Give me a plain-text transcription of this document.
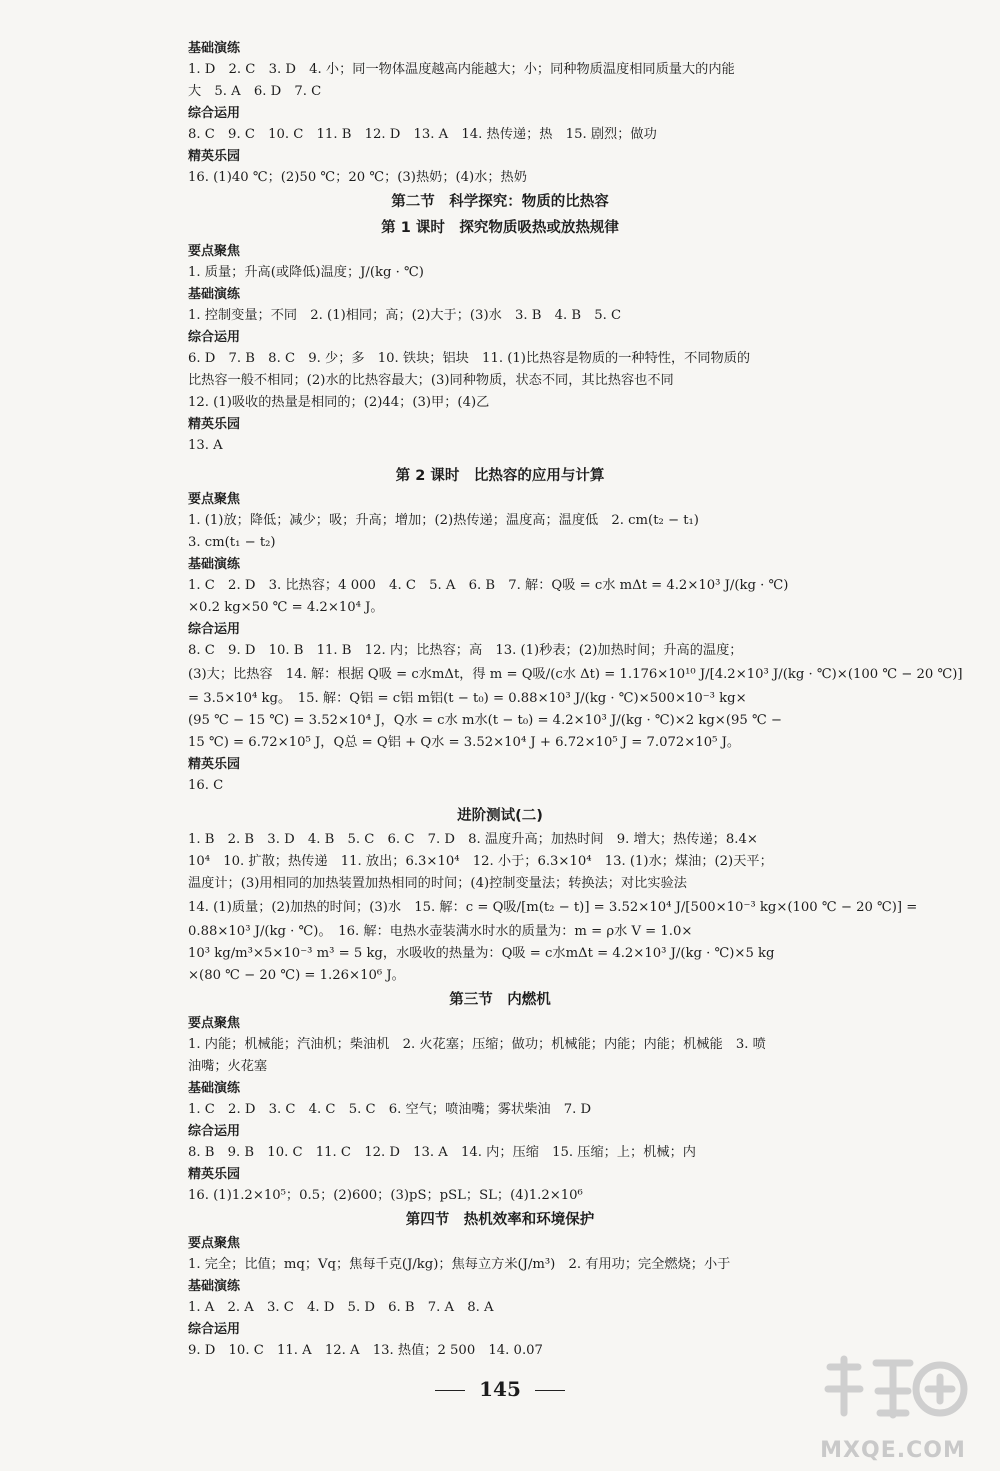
基础演练
1. D　2. C　3. D　4. 小；同一物体温度越高内能越大；小；同种物质温度相同质量大的内能
大　5. A　6. D　7. C
综合运用
8. C　9. C　10. C　11. B　12. D　13. A　14. 热传递；热　15. 剧烈；做功
精英乐园
16. (1)40 ℃；(2)50 ℃；20 ℃；(3)热奶；(4)水；热奶
第二节　科学探究：物质的比热容
第 1 课时　探究物质吸热或放热规律
要点聚焦
1. 质量；升高(或降低)温度；J/(kg · ℃)
基础演练
1. 控制变量；不同　2. (1)相同；高；(2)大于；(3)水　3. B　4. B　5. C
综合运用
6. D　7. B　8. C　9. 少；多　10. 铁块；铝块　11. (1)比热容是物质的一种特性，不同物质的
比热容一般不相同；(2)水的比热容最大；(3)同种物质，状态不同，其比热容也不同
12. (1)吸收的热量是相同的；(2)44；(3)甲；(4)乙
精英乐园
13. A
第 2 课时　比热容的应用与计算
要点聚焦
1. (1)放；降低；减少；吸；升高；增加；(2)热传递；温度高；温度低　2. cm(t₂ − t₁)
3. cm(t₁ − t₂)
基础演练
1. C　2. D　3. 比热容；4 000　4. C　5. A　6. B　7. 解：Q吸 = c水 mΔt = 4.2×10³ J/(kg · ℃)
×0.2 kg×50 ℃ = 4.2×10⁴ J。
综合运用
8. C　9. D　10. B　11. B　12. 内；比热容；高　13. (1)秒表；(2)加热时间；升高的温度；
(3)大；比热容　14. 解：根据 Q吸 = c水mΔt，得 m = Q吸/(c水 Δt) = 1.176×10¹⁰ J/[4.2×10³ J/(kg · ℃)×(100 ℃ − 20 ℃)]
= 3.5×10⁴ kg。　15. 解：Q铝 = c铝 m铝(t − t₀) = 0.88×10³ J/(kg · ℃)×500×10⁻³ kg×
(95 ℃ − 15 ℃) = 3.52×10⁴ J，Q水 = c水 m水(t − t₀) = 4.2×10³ J/(kg · ℃)×2 kg×(95 ℃ −
15 ℃) = 6.72×10⁵ J，Q总 = Q铝 + Q水 = 3.52×10⁴ J + 6.72×10⁵ J = 7.072×10⁵ J。
精英乐园
16. C
进阶测试(二)
1. B　2. B　3. D　4. B　5. C　6. C　7. D　8. 温度升高；加热时间　9. 增大；热传递；8.4×
10⁴　10. 扩散；热传递　11. 放出；6.3×10⁴　12. 小于；6.3×10⁴　13. (1)水；煤油；(2)天平；
温度计；(3)用相同的加热装置加热相同的时间；(4)控制变量法；转换法；对比实验法
14. (1)质量；(2)加热的时间；(3)水　15. 解：c = Q吸/[m(t₂ − t)] = 3.52×10⁴ J/[500×10⁻³ kg×(100 ℃ − 20 ℃)] =
0.88×10³ J/(kg · ℃)。　16. 解：电热水壶装满水时水的质量为：m = ρ水 V = 1.0×
10³ kg/m³×5×10⁻³ m³ = 5 kg，水吸收的热量为：Q吸 = c水mΔt = 4.2×10³ J/(kg · ℃)×5 kg
×(80 ℃ − 20 ℃) = 1.26×10⁶ J。
第三节　内燃机
要点聚焦
1. 内能；机械能；汽油机；柴油机　2. 火花塞；压缩；做功；机械能；内能；内能；机械能　3. 喷
油嘴；火花塞
基础演练
1. C　2. D　3. C　4. C　5. C　6. 空气；喷油嘴；雾状柴油　7. D
综合运用
8. B　9. B　10. C　11. C　12. D　13. A　14. 内；压缩　15. 压缩；上；机械；内
精英乐园
16. (1)1.2×10⁵；0.5；(2)600；(3)pS；pSL；SL；(4)1.2×10⁶
第四节　热机效率和环境保护
要点聚焦
1. 完全；比值；mq；Vq；焦每千克(J/kg)；焦每立方米(J/m³)　2. 有用功；完全燃烧；小于
基础演练
1. A　2. A　3. C　4. D　5. D　6. B　7. A　8. A
综合运用
9. D　10. C　11. A　12. A　13. 热值；2 500　14. 0.07
145
MXQE.COM
